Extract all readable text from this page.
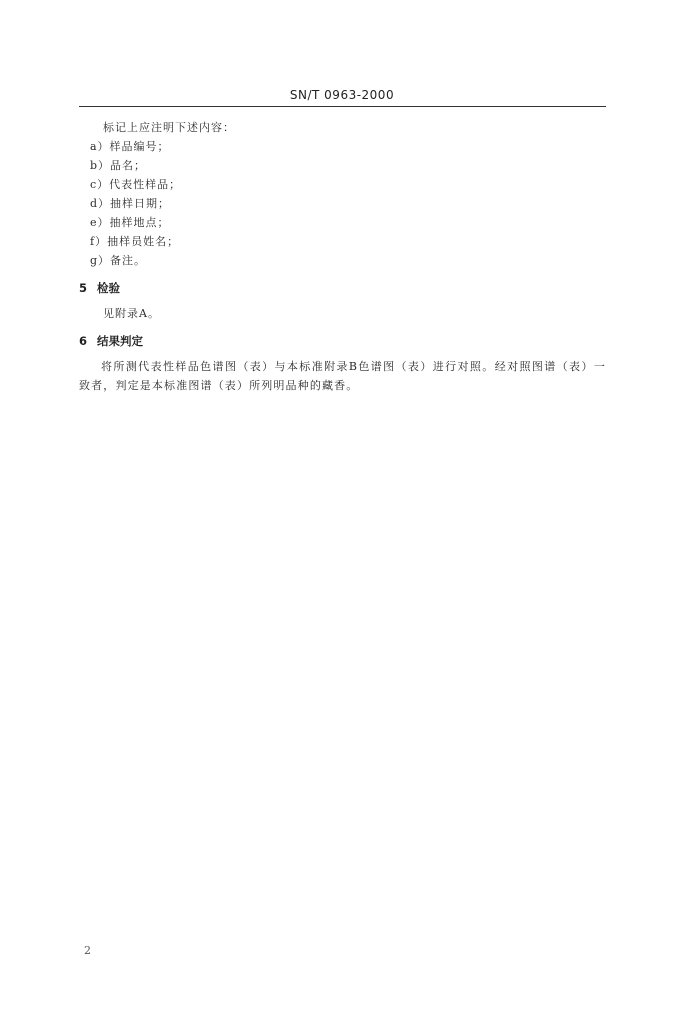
SN/T 0963-2000
标记上应注明下述内容：
a）样品编号；
b）品名；
c）代表性样品；
d）抽样日期；
e）抽样地点；
f）抽样员姓名；
g）备注。
5 检验
见附录A。
6 结果判定
将所测代表性样品色谱图（表）与本标准附录B色谱图（表）进行对照。经对照图谱（表）一致者，判定是本标准图谱（表）所列明品种的藏香。
2
